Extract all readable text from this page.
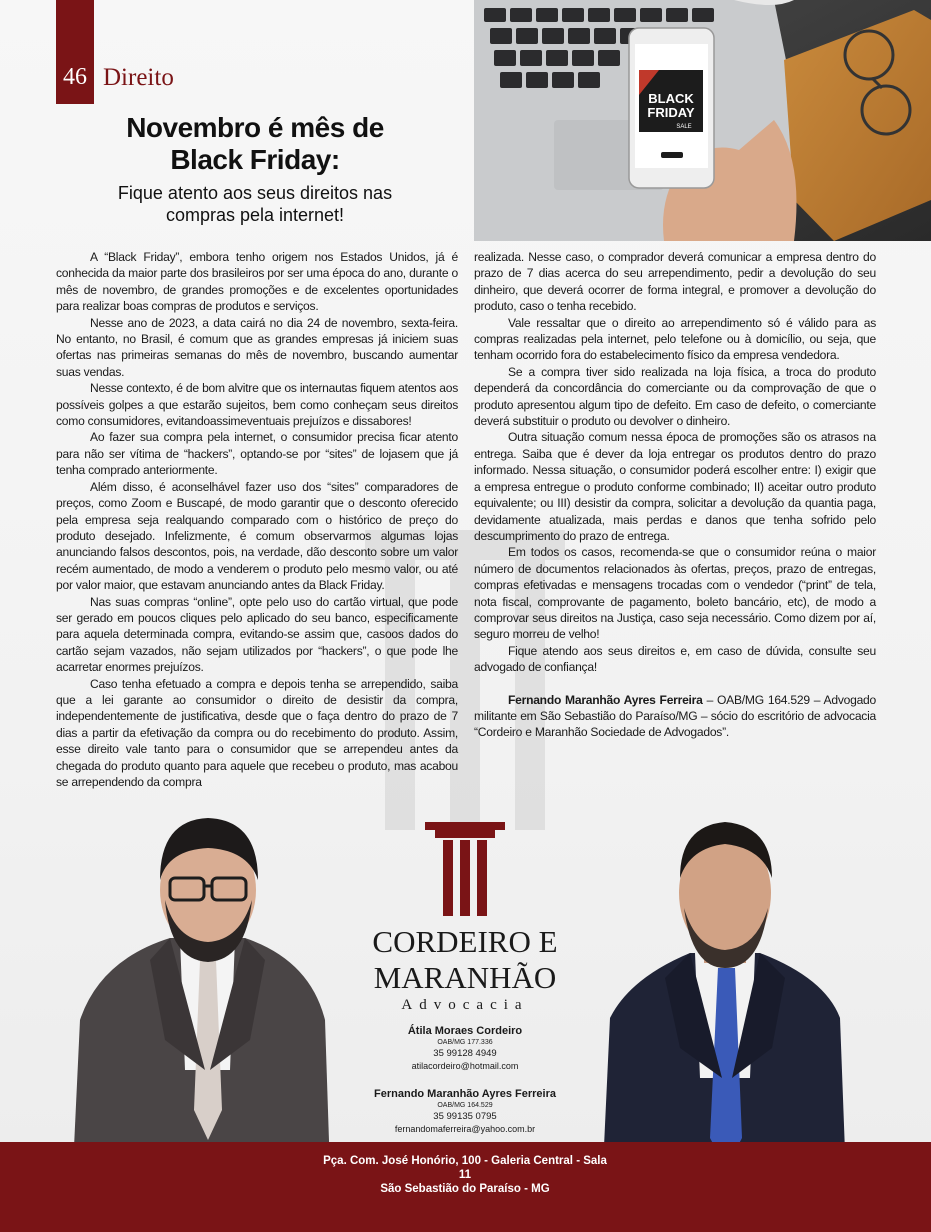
46 Direito
BLACK
FRIDAY
SALE
Novembro é mês de
Black Friday:
Fique atento aos seus direitos nas
compras pela internet!

A “Black Friday”, embora tenho origem nos Estados Unidos, já é conhecida da maior parte dos brasileiros por ser uma época do ano, durante o mês de novembro, de grandes promoções e de excelentes oportunidades para realizar boas compras de produtos e serviços.

Nesse ano de 2023, a data cairá no dia 24 de novembro, sexta-feira. No entanto, no Brasil, é comum que as grandes empresas já iniciem suas ofertas nas primeiras semanas do mês de novembro, buscando aumentar suas vendas.

Nesse contexto, é de bom alvitre que os internautas fiquem atentos aos possíveis golpes a que estarão sujeitos, bem como conheçam seus direitos como consumidores, evitandoassimeventuais prejuízos e dissabores!

Ao fazer sua compra pela internet, o consumidor precisa ficar atento para não ser vítima de “hackers”, optando-se por “sites” de lojasem que já tenha comprado anteriormente.

Além disso, é aconselhável fazer uso dos “sites” comparadores de preços, como Zoom e Buscapé, de modo garantir que o desconto oferecido pela empresa seja realquando comparado com o histórico de preço do produto desejado. Infelizmente, é comum observarmos algumas lojas anunciando falsos descontos, pois, na verdade, dão desconto sobre um valor recém aumentado, de modo a venderem o produto pelo mesmo valor, ou até por valor maior, que estavam anunciando antes da Black Friday.

Nas suas compras “online”, opte pelo uso do cartão virtual, que pode ser gerado em poucos cliques pelo aplicado do seu banco, especificamente para aquela determinada compra, evitando-se assim que, casoos dados do cartão sejam vazados, não sejam utilizados por “hackers”, o que pode lhe acarretar enormes prejuízos.

Caso tenha efetuado a compra e depois tenha se arrependido, saiba que a lei garante ao consumidor o direito de desistir da compra, independentemente de justificativa, desde que o faça dentro do prazo de 7 dias a partir da efetivação da compra ou do recebimento do produto. Assim, esse direito vale tanto para o consumidor que se arrependeu antes da chegada do produto quanto para aquele que recebeu o produto, mas acabou se arrependendo da compra

realizada. Nesse caso, o comprador deverá comunicar a empresa dentro do prazo de 7 dias acerca do seu arrependimento, pedir a devolução do seu dinheiro, que deverá ocorrer de forma integral, e promover a devolução do produto, caso o tenha recebido.

Vale ressaltar que o direito ao arrependimento só é válido para as compras realizadas pela internet, pelo telefone ou à domicílio, ou seja, que tenham ocorrido fora do estabelecimento físico da empresa vendedora.

Se a compra tiver sido realizada na loja física, a troca do produto dependerá da concordância do comerciante ou da comprovação de que o produto apresentou algum tipo de defeito. Em caso de defeito, o comerciante deverá substituir o produto ou devolver o dinheiro.

Outra situação comum nessa época de promoções são os atrasos na entrega. Saiba que é dever da loja entregar os produtos dentro do prazo informado. Nessa situação, o consumidor poderá escolher entre: I) exigir que a empresa entregue o produto conforme combinado; II) aceitar outro produto equivalente; ou III) desistir da compra, solicitar a devolução da quantia paga, devidamente atualizada, mais perdas e danos que tenha sofrido pelo descumprimento do prazo de entrega.

Em todos os casos, recomenda-se que o consumidor reúna o maior número de documentos relacionados às ofertas, preços, prazo de entregas, compras efetivadas e mensagens trocadas com o vendedor (“print” de tela, nota fiscal, comprovante de pagamento, boleto bancário, etc), de modo a comprovar seus direitos na Justiça, caso seja necessário. Como dizem por aí, seguro morreu de velho!

Fique atendo aos seus direitos e, em caso de dúvida, consulte seu advogado de confiança!

Fernando Maranhão Ayres Ferreira – OAB/MG 164.529 – Advogado militante em São Sebastião do Paraíso/MG – sócio do escritório de advocacia “Cordeiro e Maranhão Sociedade de Advogados”.

CORDEIRO E
MARANHÃO
Advocacia
Átila Moraes Cordeiro
OAB/MG 177.336
35 99128 4949
atilacordeiro@hotmail.com
Fernando Maranhão Ayres Ferreira
OAB/MG 164.529
35 99135 0795
fernandomaferreira@yahoo.com.br
Pça. Com. José Honório, 100 - Galeria Central - Sala 11
São Sebastião do Paraíso - MG
